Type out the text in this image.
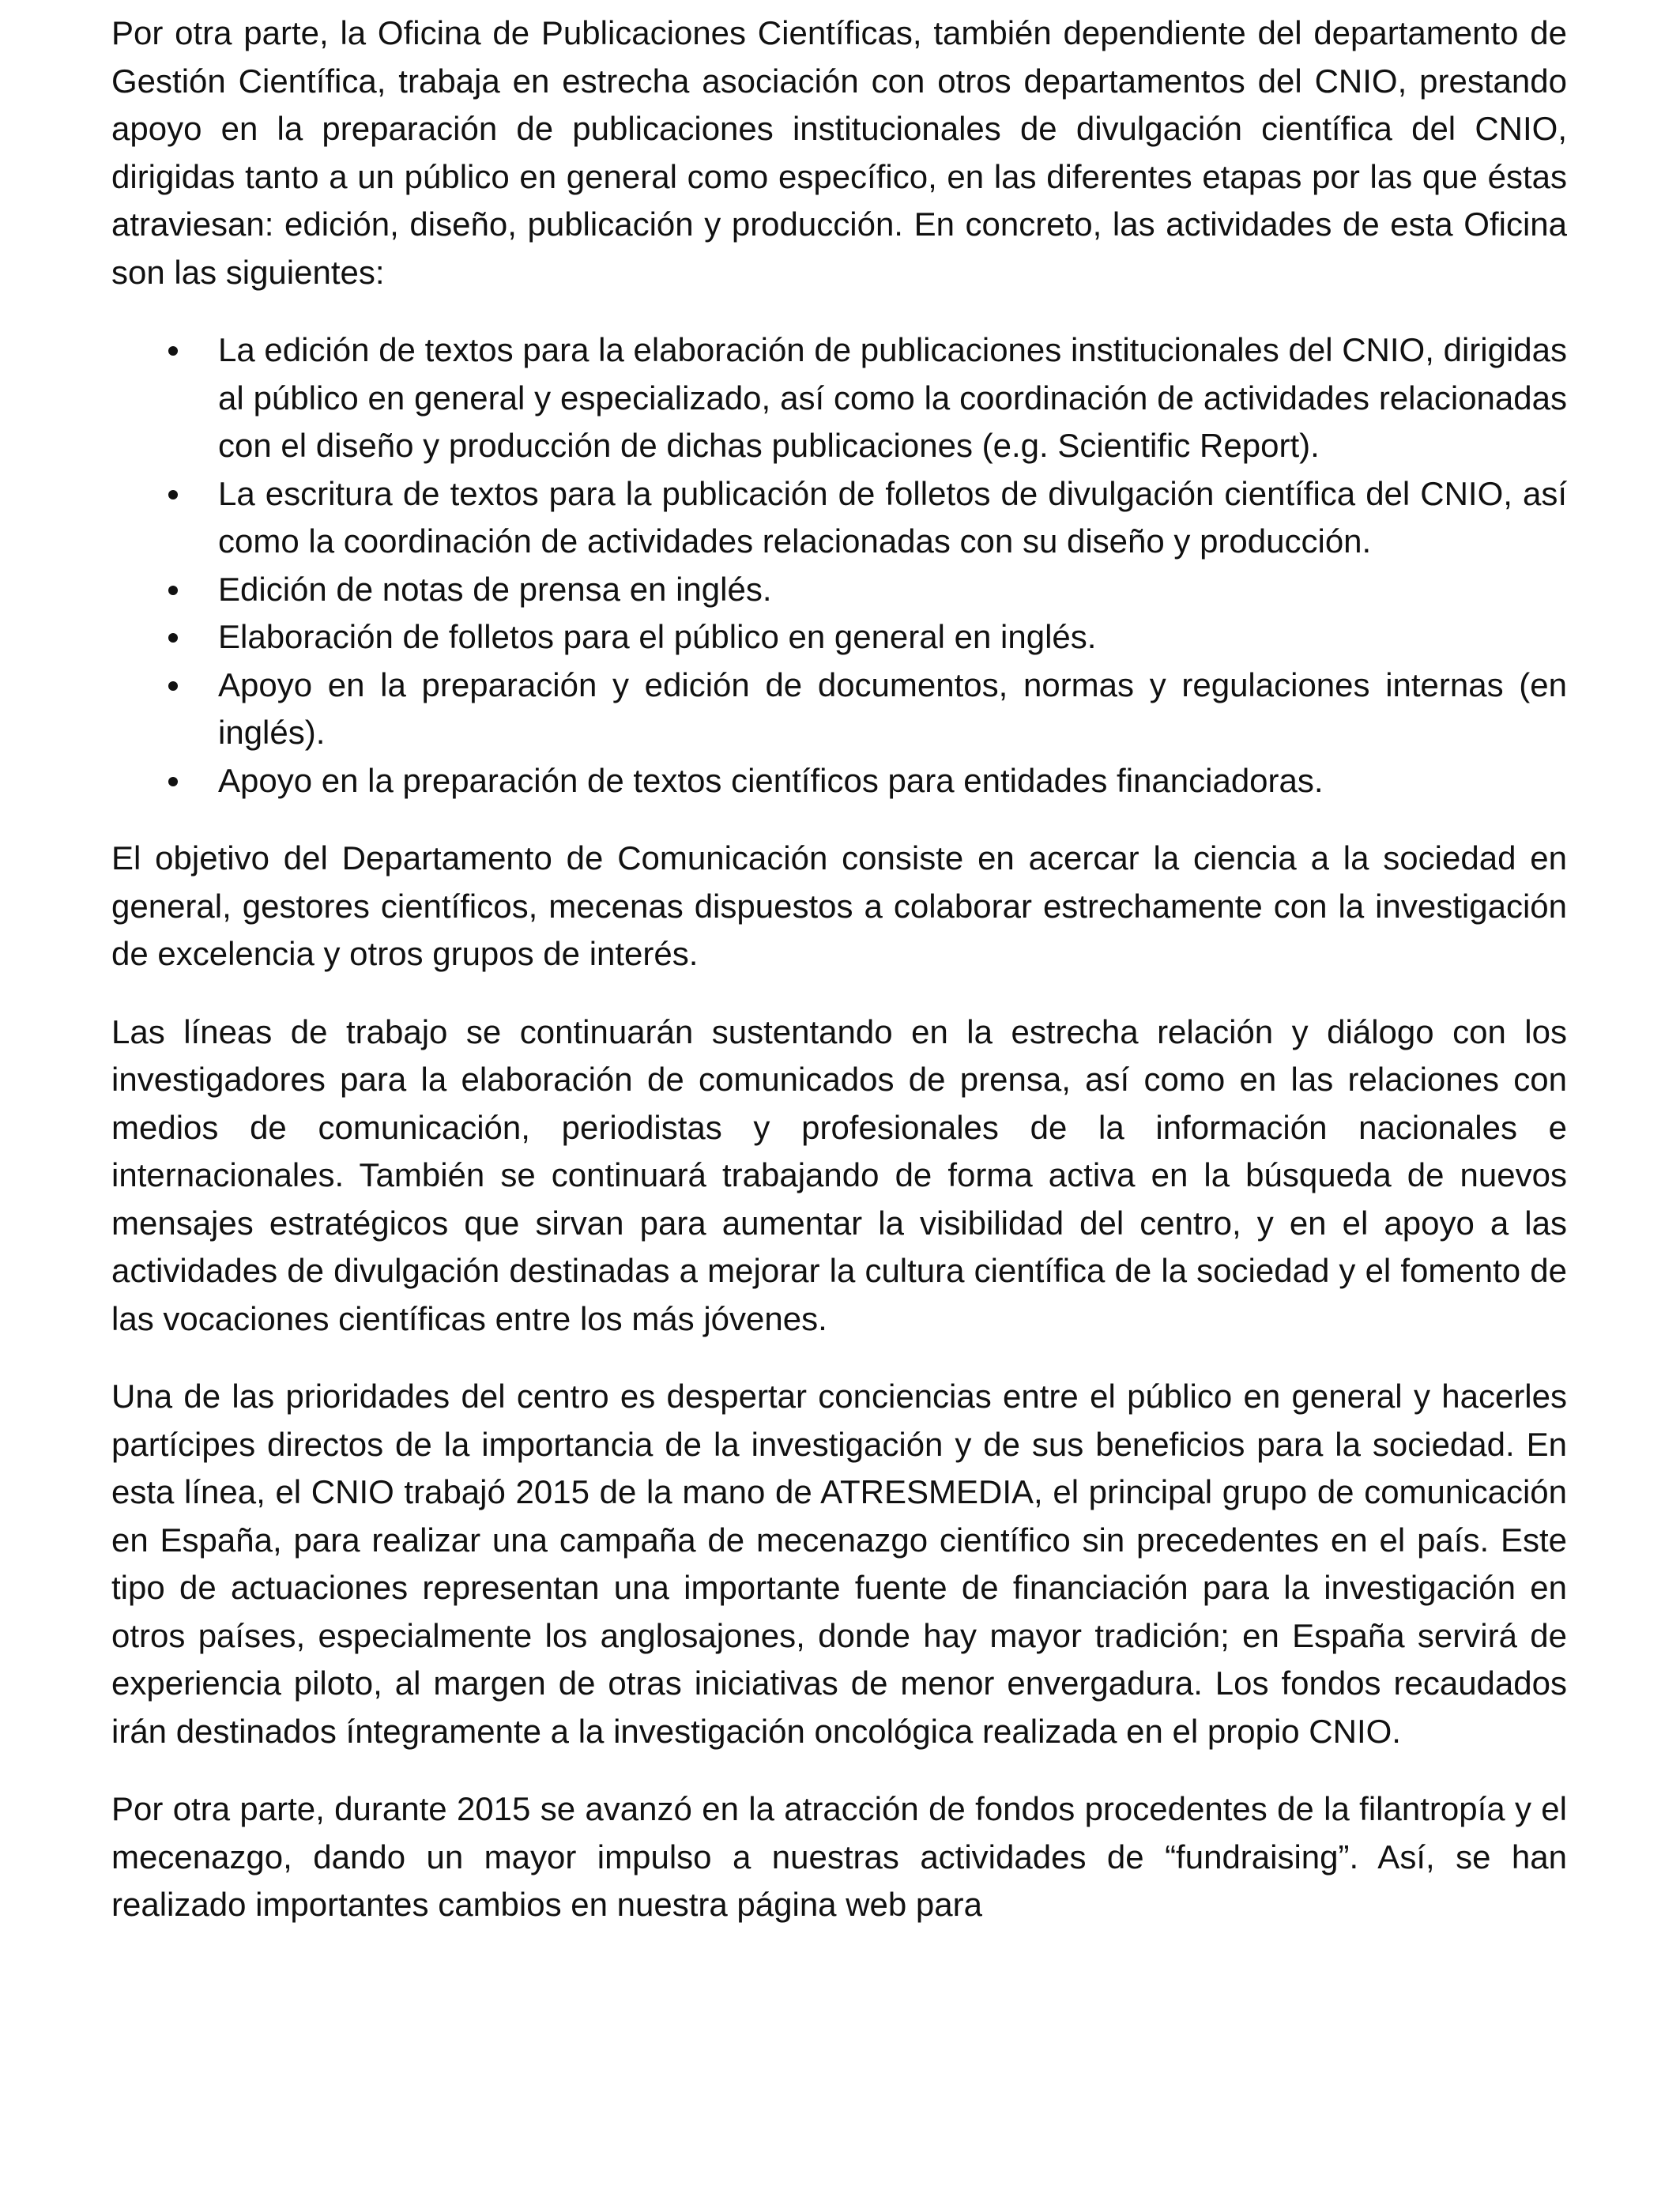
Por otra parte, la Oficina de Publicaciones Científicas, también dependiente del departamento de Gestión Científica, trabaja en estrecha asociación con otros departamentos del CNIO, prestando apoyo en la preparación de publicaciones institucionales de divulgación científica del CNIO, dirigidas tanto a un público en general como específico, en las diferentes etapas por las que éstas atraviesan: edición, diseño, publicación y producción. En concreto, las actividades de esta Oficina son las siguientes:

La edición de textos para la elaboración de publicaciones institucionales del CNIO, dirigidas al público en general y especializado, así como la coordinación de actividades relacionadas con el diseño y producción de dichas publicaciones (e.g. Scientific Report).
La escritura de textos para la publicación de folletos de divulgación científica del CNIO, así como la coordinación de actividades relacionadas con su diseño y producción.
Edición de notas de prensa en inglés.
Elaboración de folletos para el público en general en inglés.
Apoyo en la preparación y edición de documentos, normas y regulaciones internas (en inglés).
Apoyo en la preparación de textos científicos para entidades financiadoras.

El objetivo del Departamento de Comunicación consiste en acercar la ciencia a la sociedad en general, gestores científicos, mecenas dispuestos a colaborar estrechamente con la investigación de excelencia y otros grupos de interés.

Las líneas de trabajo se continuarán sustentando en la estrecha relación y diálogo con los investigadores para la elaboración de comunicados de prensa, así como en las relaciones con medios de comunicación, periodistas y profesionales de la información nacionales e internacionales. También se continuará trabajando de forma activa en la búsqueda de nuevos mensajes estratégicos que sirvan para aumentar la visibilidad del centro, y en el apoyo a las actividades de divulgación destinadas a mejorar la cultura científica de la sociedad y el fomento de las vocaciones científicas entre los más jóvenes.

Una de las prioridades del centro es despertar conciencias entre el público en general y hacerles partícipes directos de la importancia de la investigación y de sus beneficios para la sociedad. En esta línea, el CNIO trabajó 2015 de la mano de ATRESMEDIA, el principal grupo de comunicación en España, para realizar una campaña de mecenazgo científico sin precedentes en el país. Este tipo de actuaciones representan una importante fuente de financiación para la investigación en otros países, especialmente los anglosajones, donde hay mayor tradición; en España servirá de experiencia piloto, al margen de otras iniciativas de menor envergadura. Los fondos recaudados irán destinados íntegramente a la investigación oncológica realizada en el propio CNIO.

Por otra parte, durante 2015 se avanzó en la atracción de fondos procedentes de la filantropía y el mecenazgo, dando un mayor impulso a nuestras actividades de “fundraising”. Así, se han realizado importantes cambios en nuestra página web para
